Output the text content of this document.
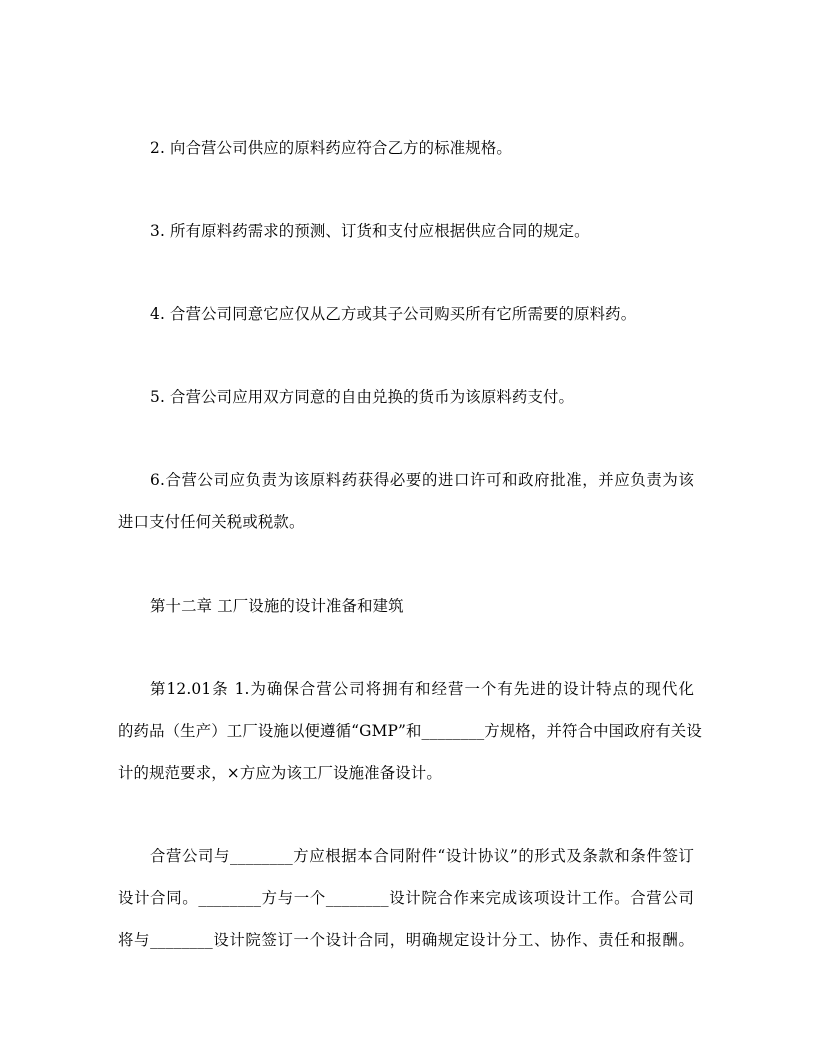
2. 向合营公司供应的原料药应符合乙方的标准规格。
3. 所有原料药需求的预测、订货和支付应根据供应合同的规定。
4. 合营公司同意它应仅从乙方或其子公司购买所有它所需要的原料药。
5. 合营公司应用双方同意的自由兑换的货币为该原料药支付。
6.合营公司应负责为该原料药获得必要的进口许可和政府批准，并应负责为该
进口支付任何关税或税款。
第十二章 工厂设施的设计准备和建筑
第12.01条 1.为确保合营公司将拥有和经营一个有先进的设计特点的现代化
的药品（生产）工厂设施以便遵循“GMP”和________方规格，并符合中国政府有关设
计的规范要求，×方应为该工厂设施准备设计。
合营公司与________方应根据本合同附件“设计协议”的形式及条款和条件签订
设计合同。________方与一个________设计院合作来完成该项设计工作。合营公司
将与________设计院签订一个设计合同，明确规定设计分工、协作、责任和报酬。
